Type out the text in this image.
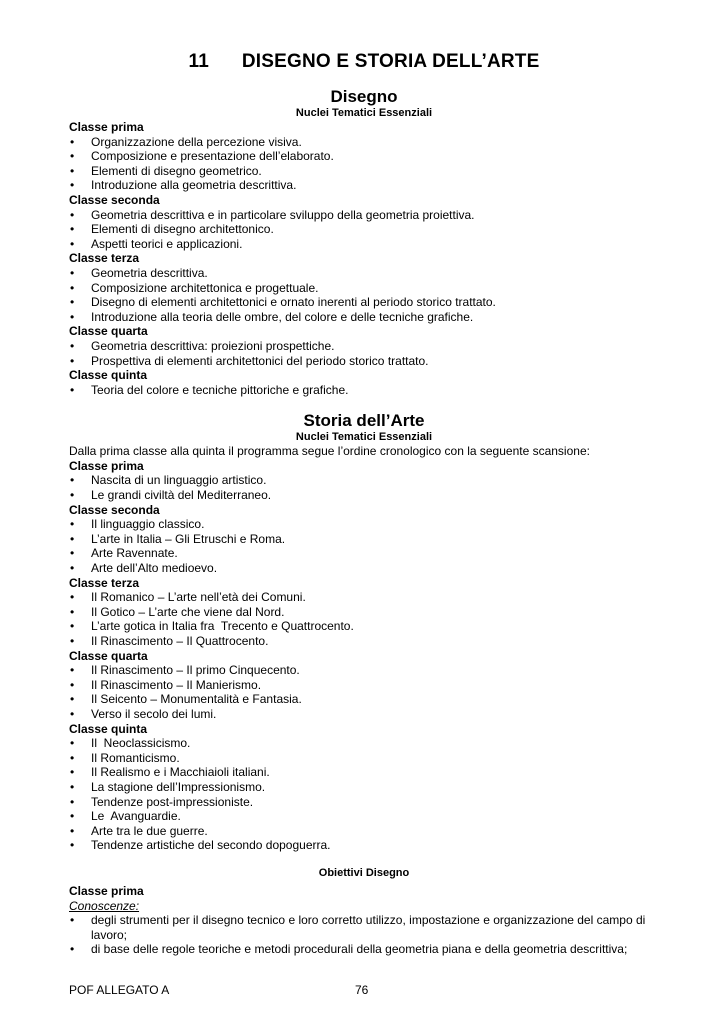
11      DISEGNO E STORIA DELL’ARTE
Disegno
Nuclei Tematici Essenziali
Classe prima
• Organizzazione della percezione visiva.
• Composizione e presentazione dell’elaborato.
• Elementi di disegno geometrico.
• Introduzione alla geometria descrittiva.
Classe seconda
• Geometria descrittiva e in particolare sviluppo della geometria proiettiva.
• Elementi di disegno architettonico.
• Aspetti teorici e applicazioni.
Classe terza
• Geometria descrittiva.
• Composizione architettonica e progettuale.
• Disegno di elementi architettonici e ornato inerenti al periodo storico trattato.
• Introduzione alla teoria delle ombre, del colore e delle tecniche grafiche.
Classe quarta
• Geometria descrittiva: proiezioni prospettiche.
• Prospettiva di elementi architettonici del periodo storico trattato.
Classe quinta
• Teoria del colore e tecniche pittoriche e grafiche.
Storia dell’Arte
Nuclei Tematici Essenziali
Dalla prima classe alla quinta il programma segue l’ordine cronologico con la seguente scansione:
Classe prima
• Nascita di un linguaggio artistico.
• Le grandi civiltà del Mediterraneo.
Classe seconda
• Il linguaggio classico.
• L’arte in Italia – Gli Etruschi e Roma.
• Arte Ravennate.
• Arte dell’Alto medioevo.
Classe terza
• Il Romanico – L’arte nell’età dei Comuni.
• Il Gotico – L’arte che viene dal Nord.
• L’arte gotica in Italia fra  Trecento e Quattrocento.
• Il Rinascimento – Il Quattrocento.
Classe quarta
• Il Rinascimento – Il primo Cinquecento.
• Il Rinascimento – Il Manierismo.
• Il Seicento – Monumentalità e Fantasia.
• Verso il secolo dei lumi.
Classe quinta
• Il  Neoclassicismo.
• Il Romanticismo.
• Il Realismo e i Macchiaioli italiani.
• La stagione dell’Impressionismo.
• Tendenze post-impressioniste.
• Le  Avanguardie.
• Arte tra le due guerre.
• Tendenze artistiche del secondo dopoguerra.
Obiettivi Disegno
Classe prima
Conoscenze:
• degli strumenti per il disegno tecnico e loro corretto utilizzo, impostazione e organizzazione del campo di lavoro;
• di base delle regole teoriche e metodi procedurali della geometria piana e della geometria descrittiva;
POF ALLEGATO A	76
